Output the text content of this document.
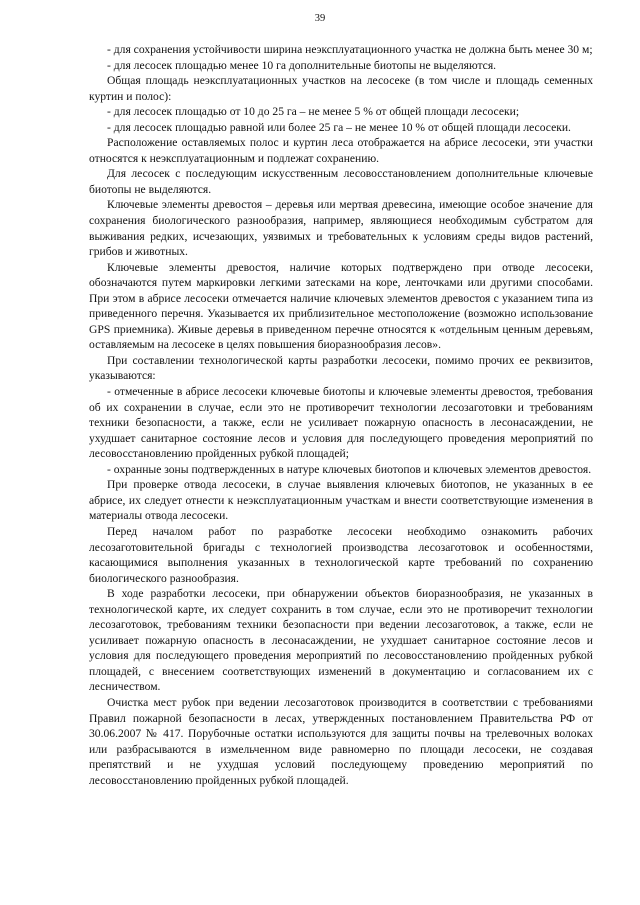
39

- для сохранения устойчивости ширина неэксплуатационного участка не должна быть менее 30 м;

- для лесосек площадью менее 10 га дополнительные биотопы не выделяются.

Общая площадь неэксплуатационных участков на лесосеке (в том числе и площадь семенных куртин и полос):

- для лесосек площадью от 10 до 25 га – не менее 5 % от общей площади лесосеки;

- для лесосек площадью равной или более 25 га – не менее 10 % от общей площади лесосеки.

Расположение оставляемых полос и куртин леса отображается на абрисе лесосеки, эти участки относятся к неэксплуатационным и подлежат сохранению.

Для лесосек с последующим искусственным лесовосстановлением дополнительные ключевые биотопы не выделяются.

Ключевые элементы древостоя – деревья или мертвая древесина, имеющие особое значение для сохранения биологического разнообразия, например, являющиеся необходимым субстратом для выживания редких, исчезающих, уязвимых и требовательных к условиям среды видов растений, грибов и животных.

Ключевые элементы древостоя, наличие которых подтверждено при отводе лесосеки, обозначаются путем маркировки легкими затесками на коре, ленточками или другими способами. При этом в абрисе лесосеки отмечается наличие ключевых элементов древостоя с указанием типа из приведенного перечня. Указывается их приблизительное местоположение (возможно использование GPS приемника). Живые деревья в приведенном перечне относятся к «отдельным ценным деревьям, оставляемым на лесосеке в целях повышения биоразнообразия лесов».

При составлении технологической карты разработки лесосеки, помимо прочих ее реквизитов, указываются:

- отмеченные в абрисе лесосеки ключевые биотопы и ключевые элементы древостоя, требования об их сохранении в случае, если это не противоречит технологии лесозаготовки и требованиям техники безопасности, а также, если не усиливает пожарную опасность в лесонасаждении, не ухудшает санитарное состояние лесов и условия для последующего проведения мероприятий по лесовосстановлению пройденных рубкой площадей;

- охранные зоны подтвержденных в натуре ключевых биотопов и ключевых элементов древостоя.

При проверке отвода лесосеки, в случае выявления ключевых биотопов, не указанных в ее абрисе, их следует отнести к неэксплуатационным участкам и внести соответствующие изменения в материалы отвода лесосеки.

Перед началом работ по разработке лесосеки необходимо ознакомить рабочих лесозаготовительной бригады с технологией производства лесозаготовок и особенностями, касающимися выполнения указанных в технологической карте требований по сохранению биологического разнообразия.

В ходе разработки лесосеки, при обнаружении объектов биоразнообразия, не указанных в технологической карте, их следует сохранить в том случае, если это не противоречит технологии лесозаготовок, требованиям техники безопасности при ведении лесозаготовок, а также, если не усиливает пожарную опасность в лесонасаждении, не ухудшает санитарное состояние лесов и условия для последующего проведения мероприятий по лесовосстановлению пройденных рубкой площадей, с внесением соответствующих изменений в документацию и согласованием их с лесничеством.

Очистка мест рубок при ведении лесозаготовок производится в соответствии с требованиями Правил пожарной безопасности в лесах, утвержденных постановлением Правительства РФ от 30.06.2007 № 417. Порубочные остатки используются для защиты почвы на трелевочных волоках или разбрасываются в измельченном виде равномерно по площади лесосеки, не создавая препятствий и не ухудшая условий последующему проведению мероприятий по лесовосстановлению пройденных рубкой площадей.
